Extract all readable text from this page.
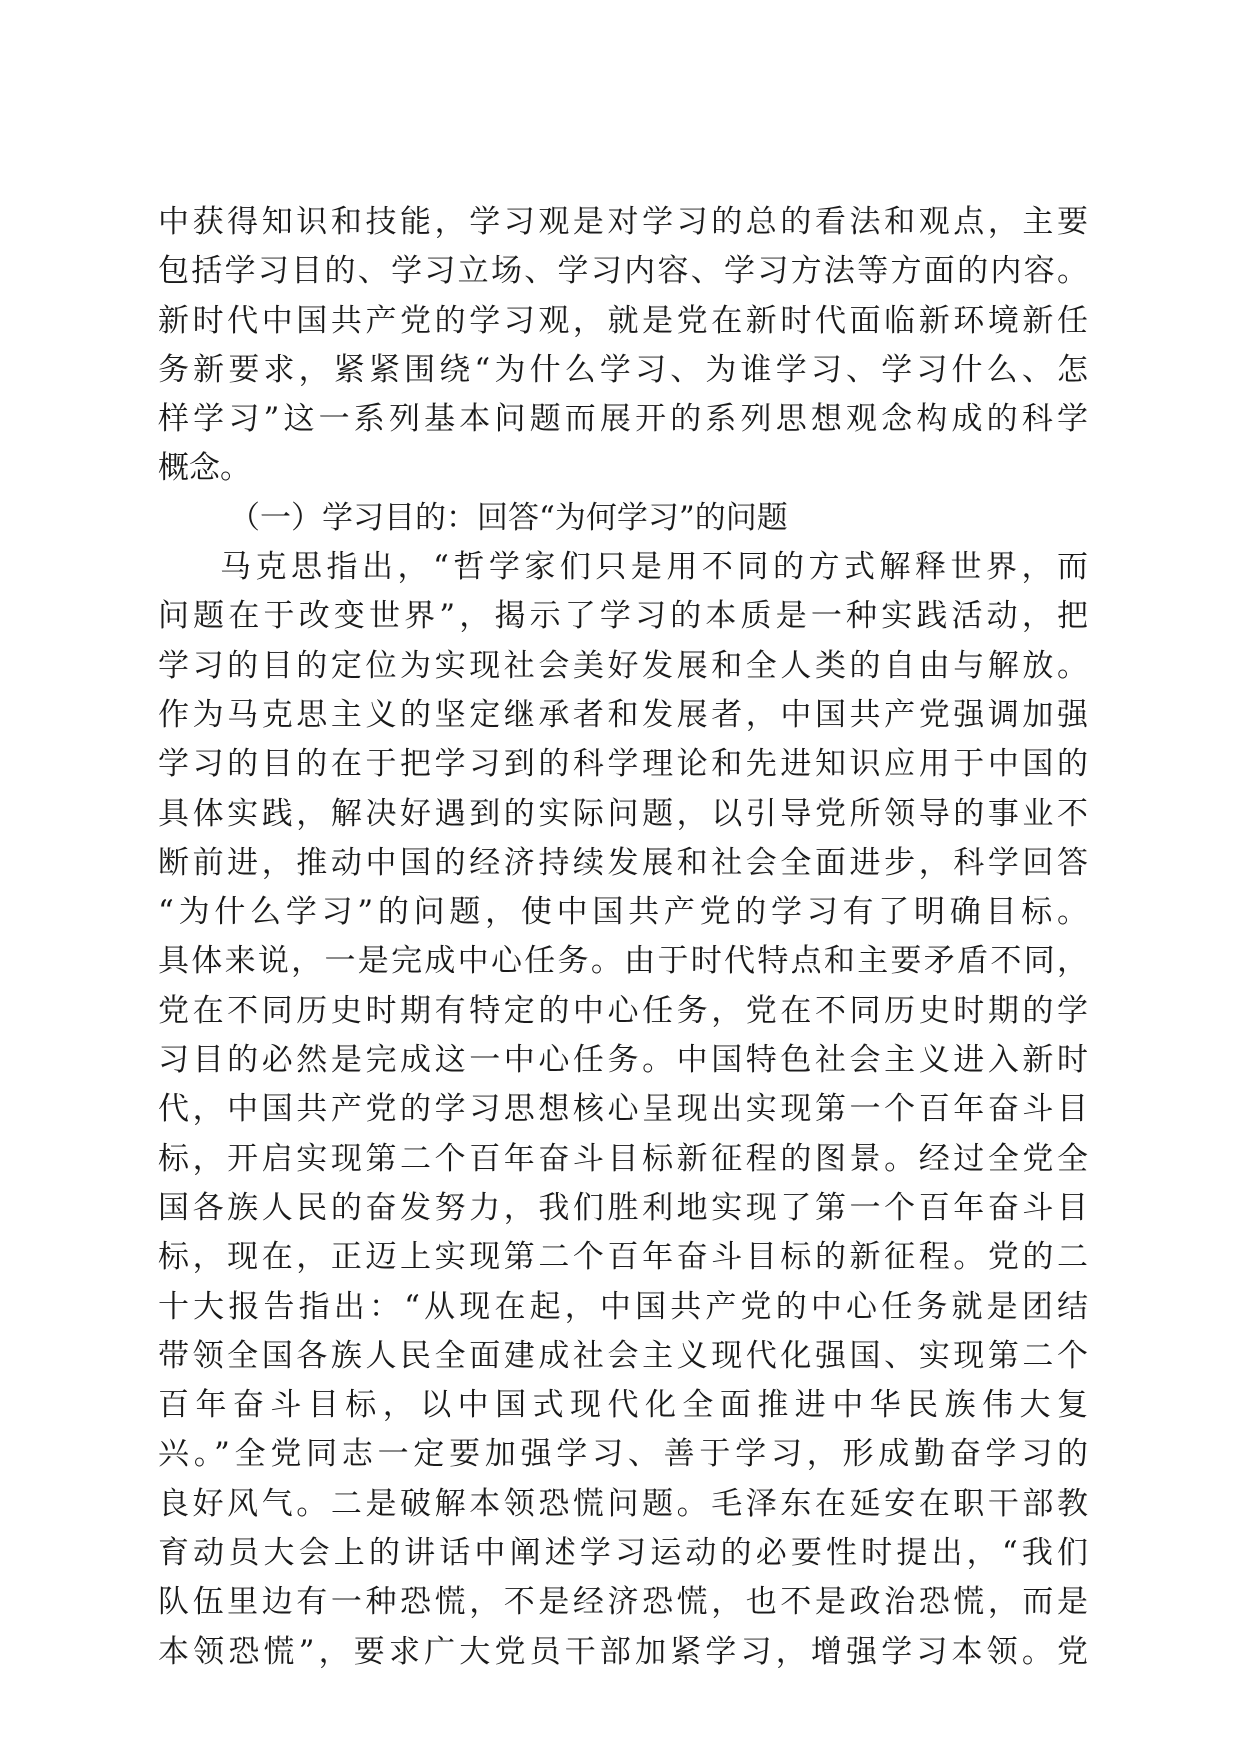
中获得知识和技能，学习观是对学习的总的看法和观点，主要
包括学习目的、学习立场、学习内容、学习方法等方面的内容。
新时代中国共产党的学习观，就是党在新时代面临新环境新任
务新要求，紧紧围绕“为什么学习、为谁学习、学习什么、怎
样学习”这一系列基本问题而展开的系列思想观念构成的科学
概念。
（一）学习目的：回答“为何学习”的问题
马克思指出，“哲学家们只是用不同的方式解释世界，而
问题在于改变世界”，揭示了学习的本质是一种实践活动，把
学习的目的定位为实现社会美好发展和全人类的自由与解放。
作为马克思主义的坚定继承者和发展者，中国共产党强调加强
学习的目的在于把学习到的科学理论和先进知识应用于中国的
具体实践，解决好遇到的实际问题，以引导党所领导的事业不
断前进，推动中国的经济持续发展和社会全面进步，科学回答
“为什么学习”的问题，使中国共产党的学习有了明确目标。
具体来说，一是完成中心任务。由于时代特点和主要矛盾不同，
党在不同历史时期有特定的中心任务，党在不同历史时期的学
习目的必然是完成这一中心任务。中国特色社会主义进入新时
代，中国共产党的学习思想核心呈现出实现第一个百年奋斗目
标，开启实现第二个百年奋斗目标新征程的图景。经过全党全
国各族人民的奋发努力，我们胜利地实现了第一个百年奋斗目
标，现在，正迈上实现第二个百年奋斗目标的新征程。党的二
十大报告指出：“从现在起，中国共产党的中心任务就是团结
带领全国各族人民全面建成社会主义现代化强国、实现第二个
百年奋斗目标，以中国式现代化全面推进中华民族伟大复
兴。”全党同志一定要加强学习、善于学习，形成勤奋学习的
良好风气。二是破解本领恐慌问题。毛泽东在延安在职干部教
育动员大会上的讲话中阐述学习运动的必要性时提出，“我们
队伍里边有一种恐慌，不是经济恐慌，也不是政治恐慌，而是
本领恐慌”，要求广大党员干部加紧学习，增强学习本领。党
